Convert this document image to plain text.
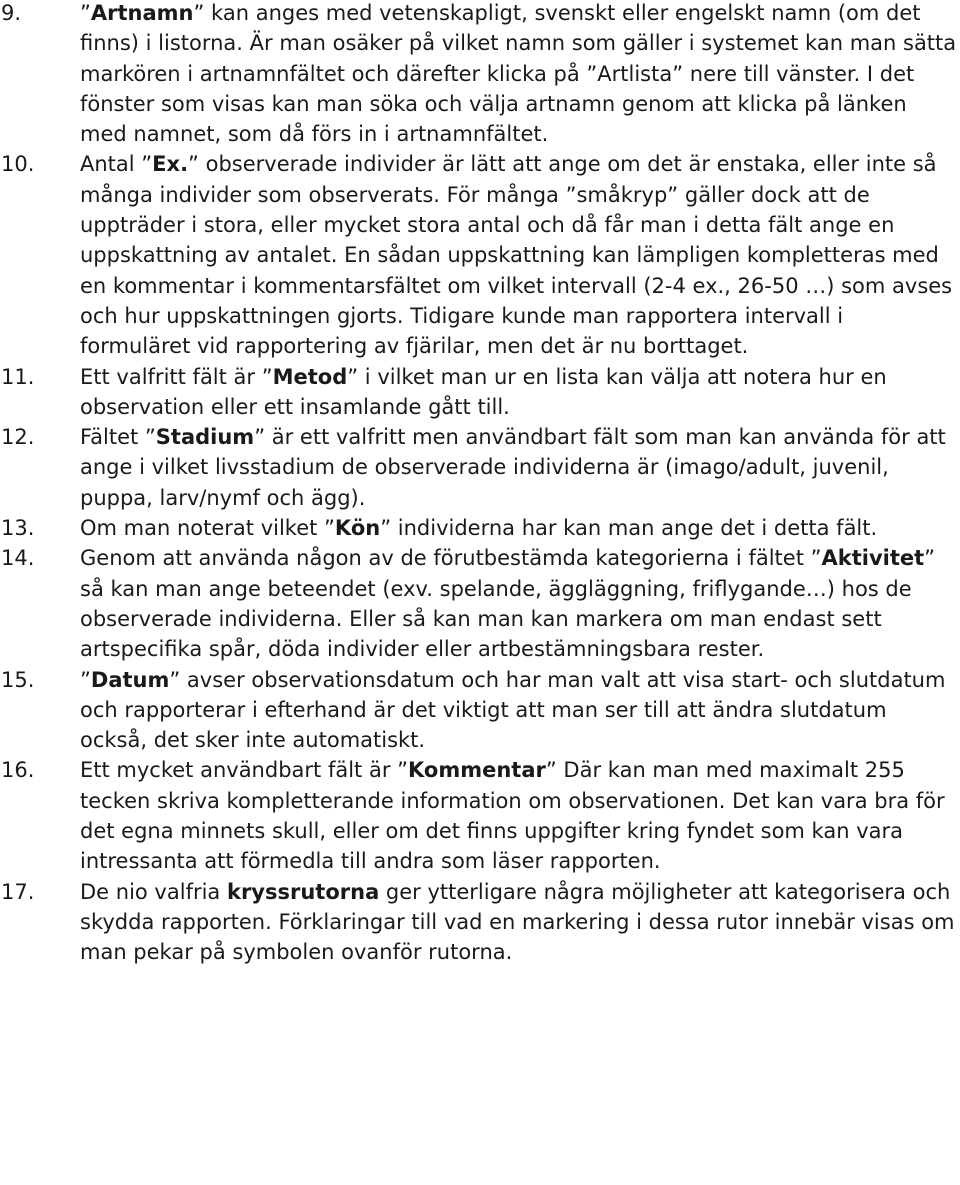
9.	”Artnamn” kan anges med vetenskapligt, svenskt eller engelskt namn (om det finns) i listorna. Är man osäker på vilket namn som gäller i systemet kan man sätta markören i artnamnfältet och därefter klicka på ”Artlista” nere till vänster. I det fönster som visas kan man söka och välja artnamn genom att klicka på länken med namnet, som då förs in i artnamnfältet.
10.	Antal ”Ex.” observerade individer är lätt att ange om det är enstaka, eller inte så många individer som observerats. För många ”småkryp” gäller dock att de uppträder i stora, eller mycket stora antal och då får man i detta fält ange en uppskattning av antalet. En sådan uppskattning kan lämpligen kompletteras med en kommentar i kommentarsfältet om vilket intervall (2-4 ex., 26-50 …) som avses och hur uppskattningen gjorts. Tidigare kunde man rapportera intervall i formuläret vid rapportering av fjärilar, men det är nu borttaget.
11.	Ett valfritt fält är ”Metod” i vilket man ur en lista kan välja att notera hur en observation eller ett insamlande gått till.
12.	Fältet ”Stadium” är ett valfritt men användbart fält som man kan använda för att ange i vilket livsstadium de observerade individerna är (imago/adult, juvenil, puppa, larv/nymf och ägg).
13.	Om man noterat vilket ”Kön” individerna har kan man ange det i detta fält.
14.	Genom att använda någon av de förutbestämda kategorierna i fältet ”Aktivitet” så kan man ange beteendet (exv. spelande, äggläggning, friflygande…) hos de observerade individerna. Eller så kan man kan markera om man endast sett artspecifika spår, döda individer eller artbestämningsbara rester.
15.	”Datum” avser observationsdatum och har man valt att visa start- och slutdatum och rapporterar i efterhand är det viktigt att man ser till att ändra slutdatum också, det sker inte automatiskt.
16.	Ett mycket användbart fält är ”Kommentar” Där kan man med maximalt 255 tecken skriva kompletterande information om observationen. Det kan vara bra för det egna minnets skull, eller om det finns uppgifter kring fyndet som kan vara intressanta att förmedla till andra som läser rapporten.
17.	De nio valfria kryssrutorna ger ytterligare några möjligheter att kategorisera och skydda rapporten. Förklaringar till vad en markering i dessa rutor innebär visas om man pekar på symbolen ovanför rutorna.
